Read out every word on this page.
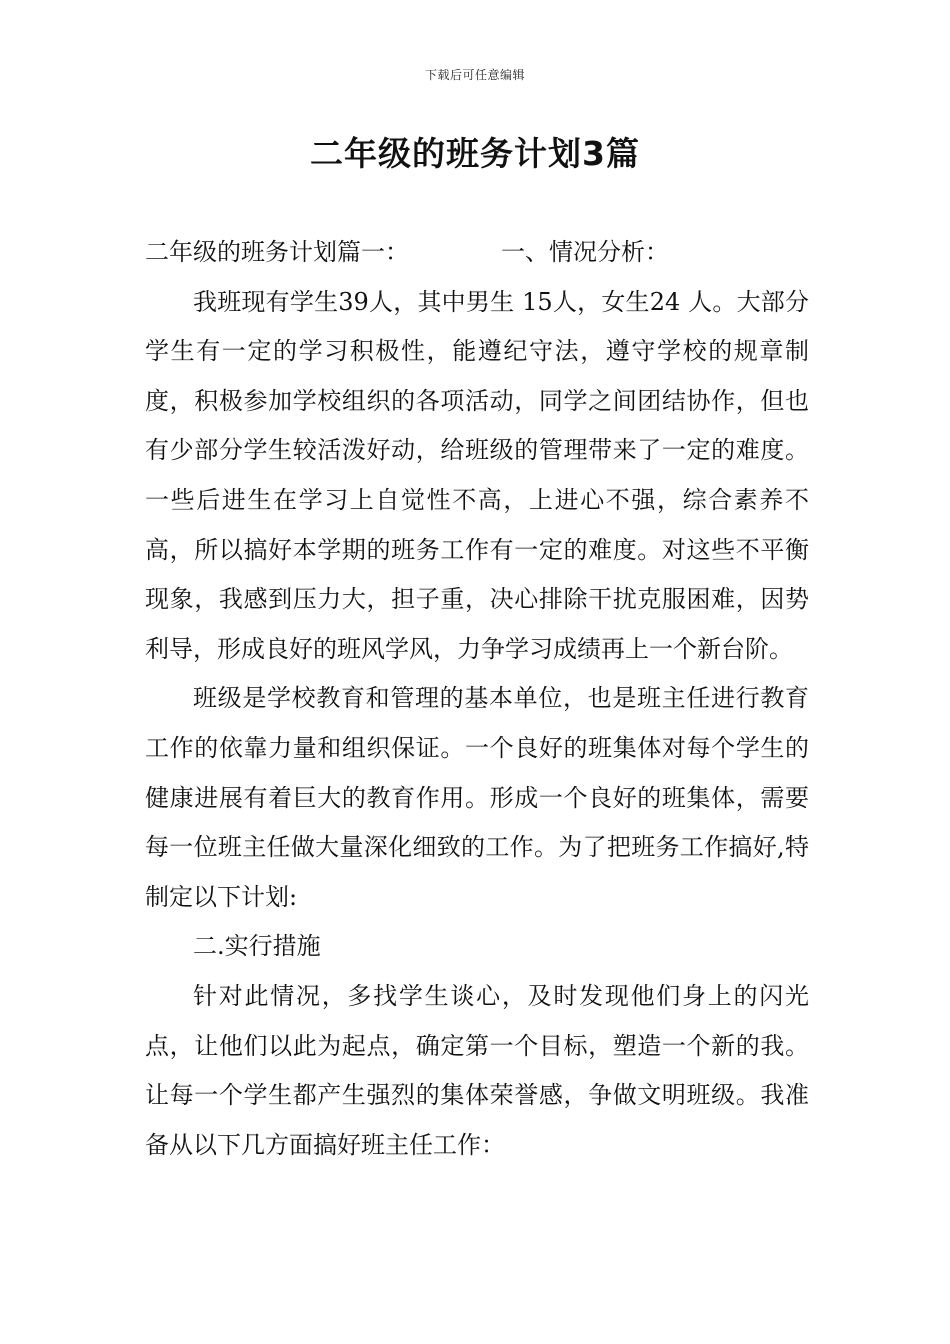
下载后可任意编辑
二年级的班务计划3篇

二年级的班务计划篇一：	一、情况分析：

我班现有学生39人，其中男生 15人，女生24 人。大部分学生有一定的学习积极性，能遵纪守法，遵守学校的规章制度，积极参加学校组织的各项活动，同学之间团结协作，但也有少部分学生较活泼好动，给班级的管理带来了一定的难度。一些后进生在学习上自觉性不高，上进心不强，综合素养不高，所以搞好本学期的班务工作有一定的难度。对这些不平衡现象，我感到压力大，担子重，决心排除干扰克服困难，因势利导，形成良好的班风学风，力争学习成绩再上一个新台阶。

班级是学校教育和管理的基本单位，也是班主任进行教育工作的依靠力量和组织保证。一个良好的班集体对每个学生的健康进展有着巨大的教育作用。形成一个良好的班集体，需要每一位班主任做大量深化细致的工作。为了把班务工作搞好,特制定以下计划:

二.实行措施

针对此情况，多找学生谈心，及时发现他们身上的闪光点，让他们以此为起点，确定第一个目标，塑造一个新的我。让每一个学生都产生强烈的集体荣誉感，争做文明班级。我准备从以下几方面搞好班主任工作：
